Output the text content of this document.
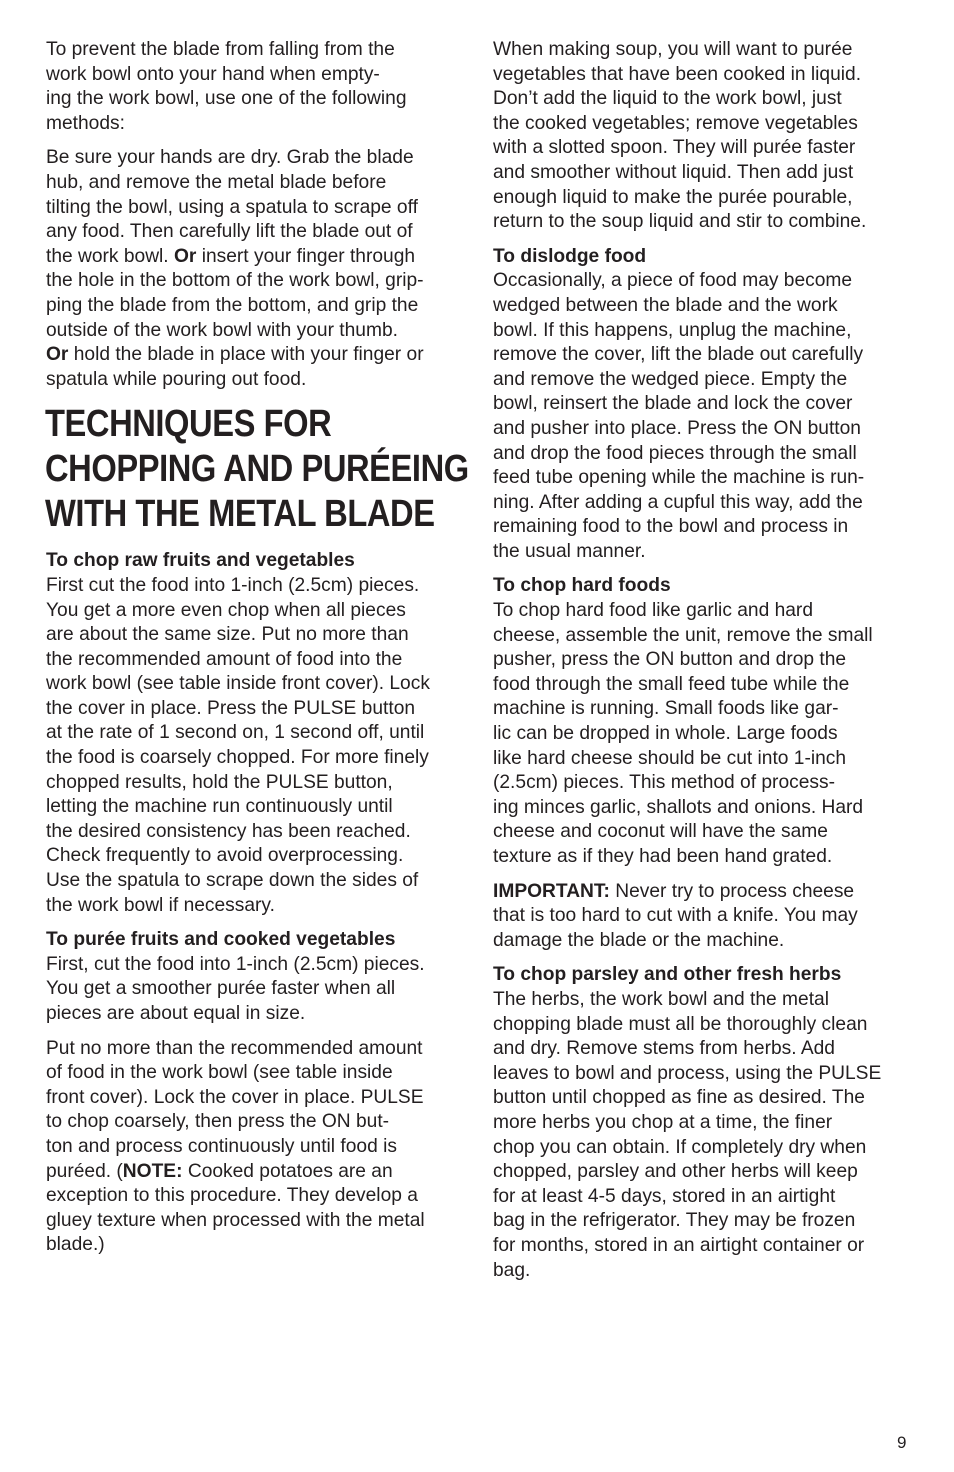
To prevent the blade from falling from the
work bowl onto your hand when empty-
ing the work bowl, use one of the following
methods:

Be sure your hands are dry. Grab the blade
hub, and remove the metal blade before
tilting the bowl, using a spatula to scrape off
any food. Then carefully lift the blade out of
the work bowl. Or insert your finger through
the hole in the bottom of the work bowl, grip-
ping the blade from the bottom, and grip the
outside of the work bowl with your thumb.
Or hold the blade in place with your finger or
spatula while pouring out food.

TECHNIQUES FOR
CHOPPING AND PURÉEING
WITH THE METAL BLADE

To chop raw fruits and vegetables
First cut the food into 1-inch (2.5cm) pieces.
You get a more even chop when all pieces
are about the same size. Put no more than
the recommended amount of food into the
work bowl (see table inside front cover). Lock
the cover in place. Press the PULSE button
at the rate of 1 second on, 1 second off, until
the food is coarsely chopped. For more finely
chopped results, hold the PULSE button,
letting the machine run continuously until
the desired consistency has been reached.
Check frequently to avoid overprocessing.
Use the spatula to scrape down the sides of
the work bowl if necessary.

To purée fruits and cooked vegetables
First, cut the food into 1-inch (2.5cm) pieces.
You get a smoother purée faster when all
pieces are about equal in size.

Put no more than the recommended amount
of food in the work bowl (see table inside
front cover). Lock the cover in place. PULSE
to chop coarsely, then press the ON but-
ton and process continuously until food is
puréed. (NOTE: Cooked potatoes are an
exception to this procedure. They develop a
gluey texture when processed with the metal
blade.)

When making soup, you will want to purée
vegetables that have been cooked in liquid.
Don’t add the liquid to the work bowl, just
the cooked vegetables; remove vegetables
with a slotted spoon. They will purée faster
and smoother without liquid. Then add just
enough liquid to make the purée pourable,
return to the soup liquid and stir to combine.

To dislodge food
Occasionally, a piece of food may become
wedged between the blade and the work
bowl. If this happens, unplug the machine,
remove the cover, lift the blade out carefully
and remove the wedged piece. Empty the
bowl, reinsert the blade and lock the cover
and pusher into place. Press the ON button
and drop the food pieces through the small
feed tube opening while the machine is run-
ning. After adding a cupful this way, add the
remaining food to the bowl and process in
the usual manner.

To chop hard foods
To chop hard food like garlic and hard
cheese, assemble the unit, remove the small
pusher, press the ON button and drop the
food through the small feed tube while the
machine is running. Small foods like gar-
lic can be dropped in whole. Large foods
like hard cheese should be cut into 1-inch
(2.5cm) pieces. This method of process-
ing minces garlic, shallots and onions. Hard
cheese and coconut will have the same
texture as if they had been hand grated.

IMPORTANT: Never try to process cheese
that is too hard to cut with a knife. You may
damage the blade or the machine.

To chop parsley and other fresh herbs
The herbs, the work bowl and the metal
chopping blade must all be thoroughly clean
and dry. Remove stems from herbs. Add
leaves to bowl and process, using the PULSE
button until chopped as fine as desired. The
more herbs you chop at a time, the finer
chop you can obtain. If completely dry when
chopped, parsley and other herbs will keep
for at least 4-5 days, stored in an airtight
bag in the refrigerator. They may be frozen
for months, stored in an airtight container or
bag.

9
